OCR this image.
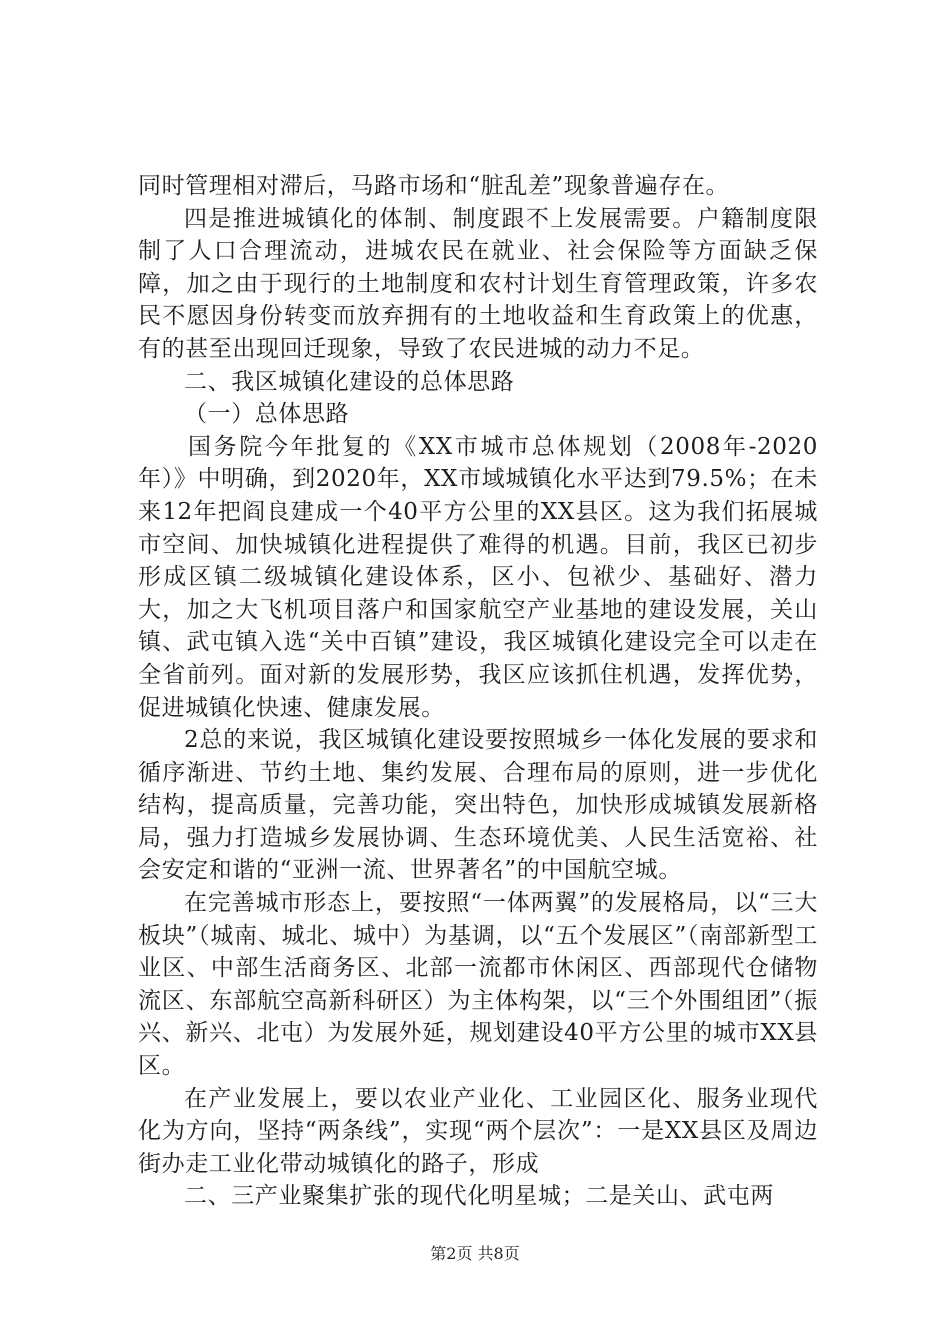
同时管理相对滞后，马路市场和“脏乱差”现象普遍存在。

四是推进城镇化的体制、制度跟不上发展需要。户籍制度限制了人口合理流动，进城农民在就业、社会保险等方面缺乏保障，加之由于现行的土地制度和农村计划生育管理政策，许多农民不愿因身份转变而放弃拥有的土地收益和生育政策上的优惠，有的甚至出现回迁现象，导致了农民进城的动力不足。

二、我区城镇化建设的总体思路

（一）总体思路

国务院今年批复的《XX市城市总体规划（2008年-2020年）》中明确，到2020年，XX市域城镇化水平达到79.5%；在未来12年把阎良建成一个40平方公里的XX县区。这为我们拓展城市空间、加快城镇化进程提供了难得的机遇。目前，我区已初步形成区镇二级城镇化建设体系，区小、包袱少、基础好、潜力大，加之大飞机项目落户和国家航空产业基地的建设发展，关山镇、武屯镇入选“关中百镇”建设，我区城镇化建设完全可以走在全省前列。面对新的发展形势，我区应该抓住机遇，发挥优势，促进城镇化快速、健康发展。

2总的来说，我区城镇化建设要按照城乡一体化发展的要求和循序渐进、节约土地、集约发展、合理布局的原则，进一步优化结构，提高质量，完善功能，突出特色，加快形成城镇发展新格局，强力打造城乡发展协调、生态环境优美、人民生活宽裕、社会安定和谐的“亚洲一流、世界著名”的中国航空城。

在完善城市形态上，要按照“一体两翼”的发展格局，以“三大板块”（城南、城北、城中）为基调，以“五个发展区”（南部新型工业区、中部生活商务区、北部一流都市休闲区、西部现代仓储物流区、东部航空高新科研区）为主体构架，以“三个外围组团”（振兴、新兴、北屯）为发展外延，规划建设40平方公里的城市XX县区。

在产业发展上，要以农业产业化、工业园区化、服务业现代化为方向，坚持“两条线”，实现“两个层次”：一是XX县区及周边街办走工业化带动城镇化的路子，形成

二、三产业聚集扩张的现代化明星城；二是关山、武屯两

第2页 共8页
